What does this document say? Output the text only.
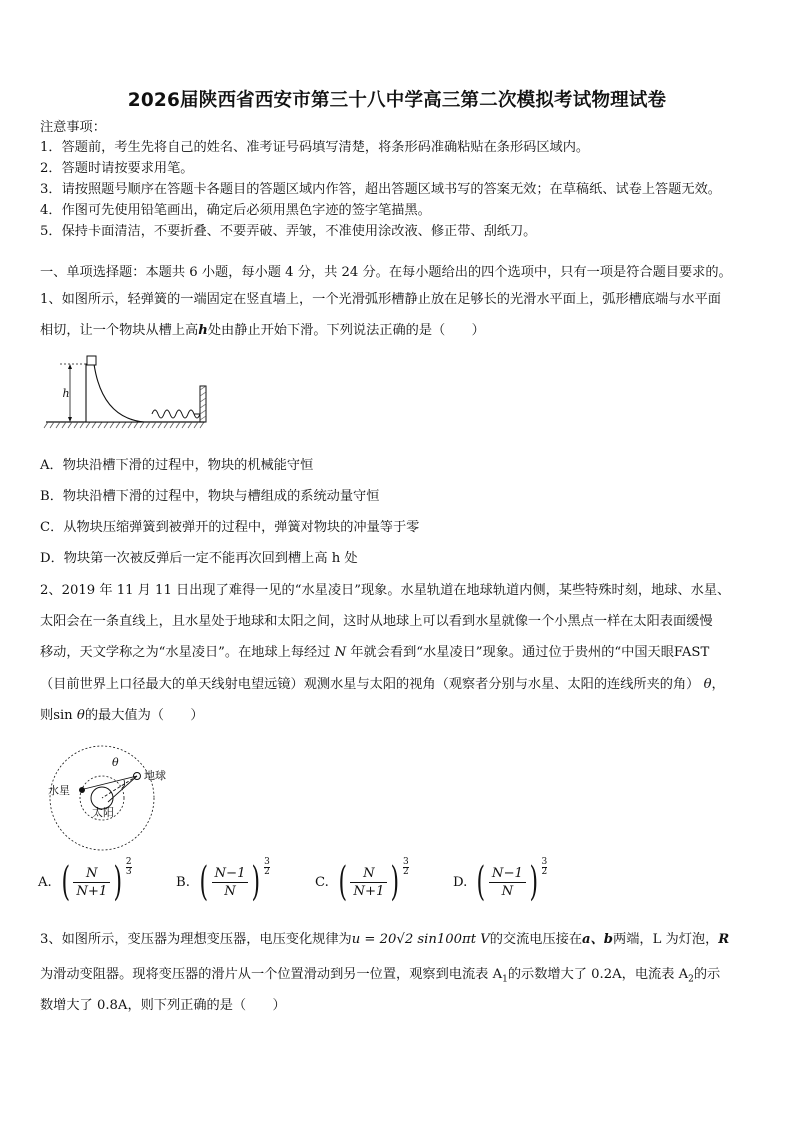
2026届陕西省西安市第三十八中学高三第二次模拟考试物理试卷
注意事项：
1．答题前，考生先将自己的姓名、准考证号码填写清楚，将条形码准确粘贴在条形码区域内。
2．答题时请按要求用笔。
3．请按照题号顺序在答题卡各题目的答题区域内作答，超出答题区域书写的答案无效；在草稿纸、试卷上答题无效。
4．作图可先使用铅笔画出，确定后必须用黑色字迹的签字笔描黑。
5．保持卡面清洁，不要折叠、不要弄破、弄皱，不准使用涂改液、修正带、刮纸刀。
一、单项选择题：本题共 6 小题，每小题 4 分，共 24 分。在每小题给出的四个选项中，只有一项是符合题目要求的。
1、如图所示，轻弹簧的一端固定在竖直墙上，一个光滑弧形槽静止放在足够长的光滑水平面上，弧形槽底端与水平面
相切，让一个物块从槽上高h处由静止开始下滑。下列说法正确的是（　　）
h
A．物块沿槽下滑的过程中，物块的机械能守恒
B．物块沿槽下滑的过程中，物块与槽组成的系统动量守恒
C．从物块压缩弹簧到被弹开的过程中，弹簧对物块的冲量等于零
D．物块第一次被反弹后一定不能再次回到槽上高 h 处
2、2019 年 11 月 11 日出现了难得一见的“水星凌日”现象。水星轨道在地球轨道内侧，某些特殊时刻，地球、水星、
太阳会在一条直线上，且水星处于地球和太阳之间，这时从地球上可以看到水星就像一个小黑点一样在太阳表面缓慢
移动，天文学称之为“水星凌日”。在地球上每经过 N 年就会看到“水星凌日”现象。通过位于贵州的“中国天眼FAST
（目前世界上口径最大的单天线射电望远镜）观测水星与太阳的视角（观察者分别与水星、太阳的连线所夹的角） θ，
则sin θ的最大值为（　　）
θ
地球
水星
太阳
A. ( $\frac{N}{N+1}$ ) $\frac{2}{3}$
B. ( $\frac{N-1}{N}$ ) $\frac{3}{2}$
C. ( $\frac{N}{N+1}$ ) $\frac{3}{2}$
D. ( $\frac{N-1}{N}$ ) $\frac{3}{2}$
3、如图所示，变压器为理想变压器，电压变化规律为u = 20√2 sin100πt V的交流电压接在a、b两端，L 为灯泡，R
为滑动变阻器。现将变压器的滑片从一个位置滑动到另一位置，观察到电流表 $A_1$的示数增大了 0.2A，电流表 $A_2$的示
数增大了 0.8A，则下列正确的是（　　）
